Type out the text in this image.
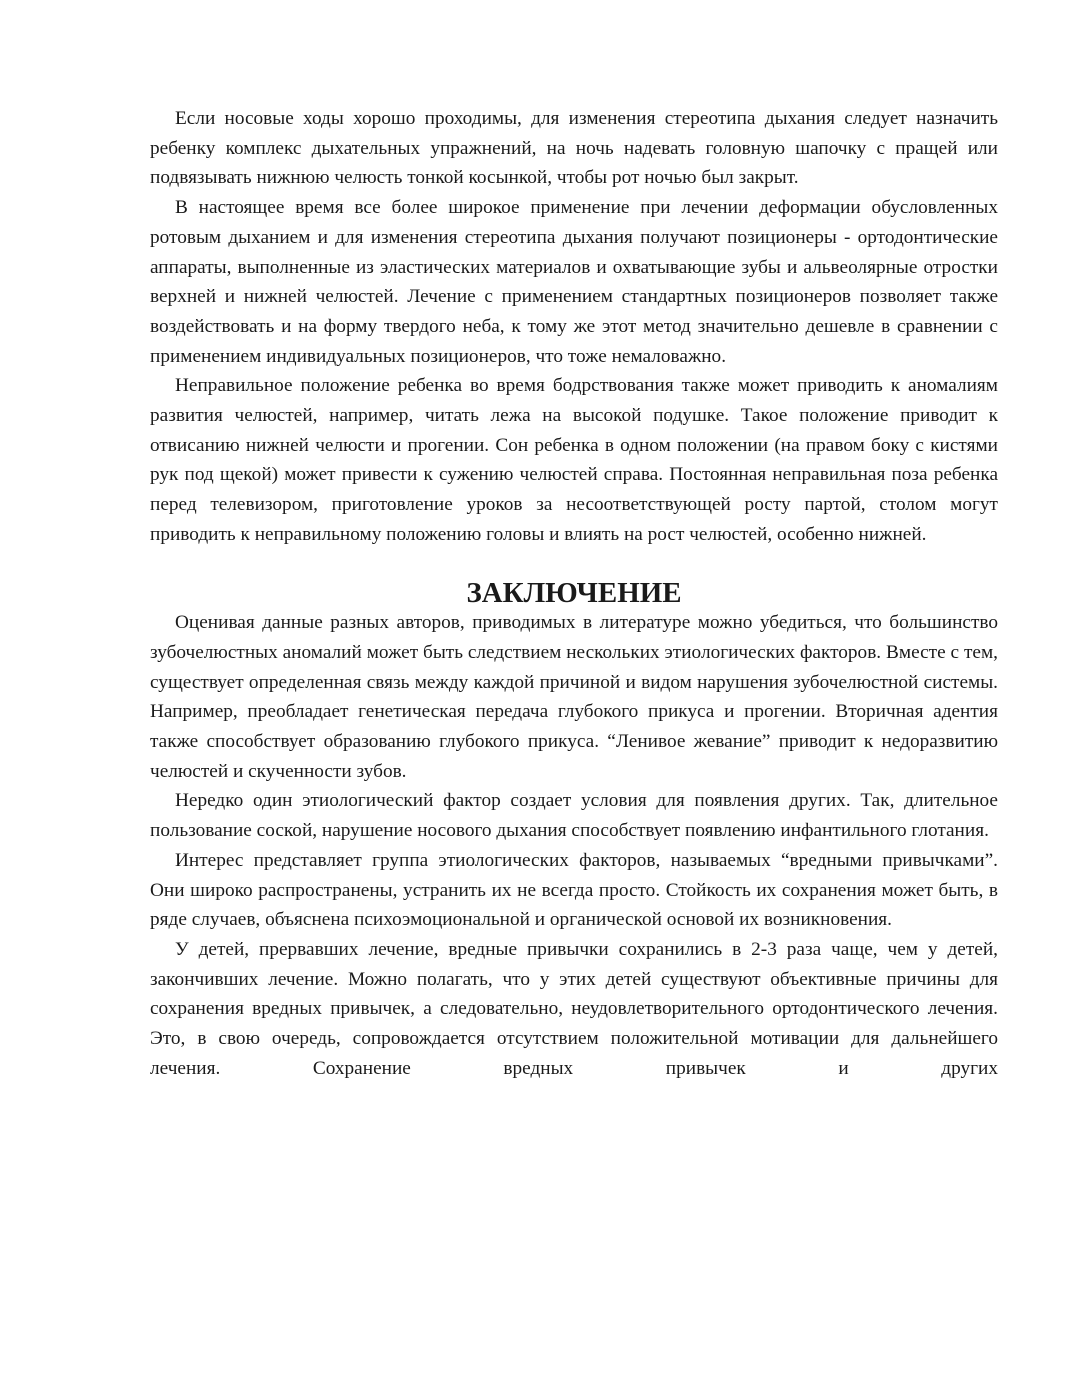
Если носовые ходы хорошо проходимы, для изменения стереотипа дыхания следует назначить ребенку комплекс дыхательных упражнений, на ночь надевать головную шапочку с пращей или подвязывать нижнюю челюсть тонкой косынкой, чтобы рот ночью был закрыт.

В настоящее время все более широкое применение при лечении деформации обусловленных ротовым дыханием и для изменения стереотипа дыхания получают позиционеры - ортодонтические аппараты, выполненные из эластических материалов и охватывающие зубы и альвеолярные отростки верхней и нижней челюстей. Лечение с применением стандартных позиционеров позволяет также воздействовать и на форму твердого неба, к тому же этот метод значительно дешевле в сравнении с применением индивидуальных позиционеров, что тоже немаловажно.

Неправильное положение ребенка во время бодрствования также может приводить к аномалиям развития челюстей, например, читать лежа на высокой подушке. Такое положение приводит к отвисанию нижней челюсти и прогении. Сон ребенка в одном положении (на правом боку с кистями рук под щекой) может привести к сужению челюстей справа. Постоянная неправильная поза ребенка перед телевизором, приготовление уроков за несоответствующей росту партой, столом могут приводить к неправильному положению головы и влиять на рост челюстей, особенно нижней.

ЗАКЛЮЧЕНИЕ

Оценивая данные разных авторов, приводимых в литературе можно убедиться, что большинство зубочелюстных аномалий может быть следствием нескольких этиологических факторов. Вместе с тем, существует определенная связь между каждой причиной и видом нарушения зубочелюстной системы. Например, преобладает генетическая передача глубокого прикуса и прогении. Вторичная адентия также способствует образованию глубокого прикуса. “Ленивое жевание” приводит к недоразвитию челюстей и скученности зубов.

Нередко один этиологический фактор создает условия для появления других. Так, длительное пользование соской, нарушение носового дыхания способствует появлению инфантильного глотания.

Интерес представляет группа этиологических факторов, называемых “вредными привычками”. Они широко распространены, устранить их не всегда просто. Стойкость их сохранения может быть, в ряде случаев, объяснена психоэмоциональной и органической основой их возникновения.

У детей, прервавших лечение, вредные привычки сохранились в 2-3 раза чаще, чем у детей, закончивших лечение. Можно полагать, что у этих детей существуют объективные причины для сохранения вредных привычек, а следовательно, неудовлетворительного ортодонтического лечения. Это, в свою очередь, сопровождается отсутствием положительной мотивации для дальнейшего лечения. Сохранение вредных привычек и других
